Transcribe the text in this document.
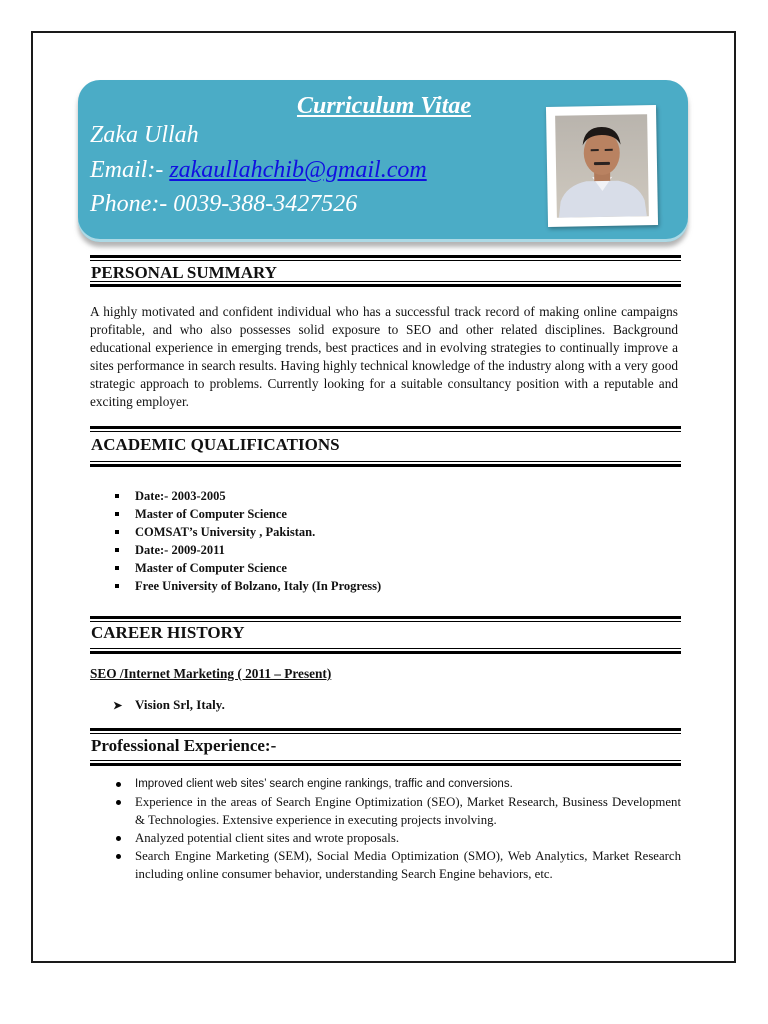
Curriculum Vitae
Zaka Ullah
Email:- zakaullahchib@gmail.com
Phone:- 0039-388-3427526
PERSONAL SUMMARY

A highly motivated and confident individual who has a successful track record of making online campaigns profitable, and who also possesses solid exposure to SEO and other related disciplines. Background educational experience in emerging trends, best practices and in evolving strategies to continually improve a sites performance in search results. Having highly technical knowledge of the industry along with a very good strategic approach to problems. Currently looking for a suitable consultancy position with a reputable and exciting employer.

ACADEMIC QUALIFICATIONS
Date:- 2003-2005
Master of Computer Science
COMSAT’s University , Pakistan.
Date:- 2009-2011
Master of Computer Science
Free University of Bolzano, Italy (In Progress)
CAREER HISTORY
SEO /Internet Marketing ( 2011 – Present)
➤ Vision Srl, Italy.
Professional Experience:-
Improved client web sites’ search engine rankings, traffic and conversions.
Experience in the areas of Search Engine Optimization (SEO), Market Research, Business Development & Technologies. Extensive experience in executing projects involving.
Analyzed potential client sites and wrote proposals.
Search Engine Marketing (SEM), Social Media Optimization (SMO), Web Analytics, Market Research including online consumer behavior, understanding Search Engine behaviors, etc.
